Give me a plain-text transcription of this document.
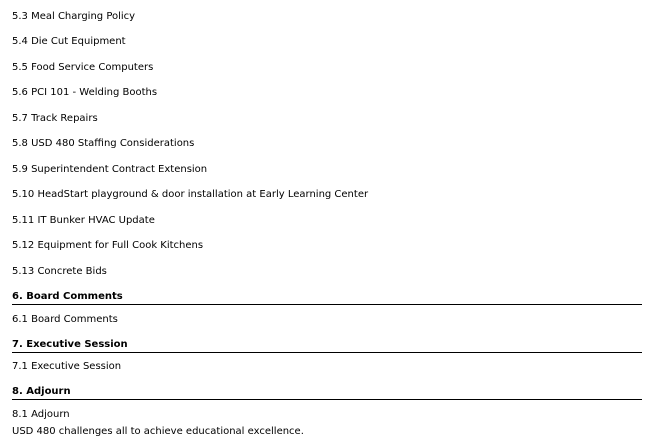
5.3 Meal Charging Policy
5.4 Die Cut Equipment
5.5 Food Service Computers
5.6 PCI 101 - Welding Booths
5.7 Track Repairs
5.8 USD 480 Staffing Considerations
5.9 Superintendent Contract Extension
5.10 HeadStart playground & door installation at Early Learning Center
5.11 IT Bunker HVAC Update
5.12 Equipment for Full Cook Kitchens
5.13 Concrete Bids
6. Board Comments
6.1 Board Comments
7. Executive Session
7.1 Executive Session
8. Adjourn
8.1 Adjourn
USD 480 challenges all to achieve educational excellence.
